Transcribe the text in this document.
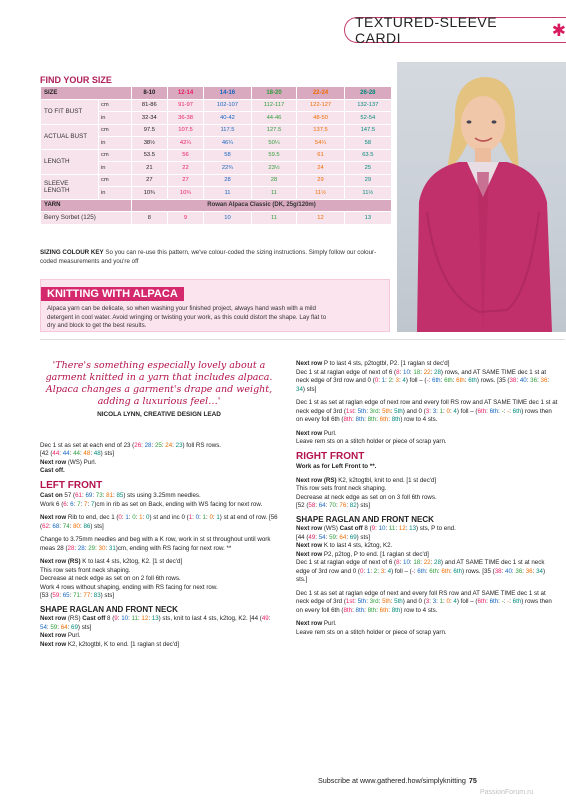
TEXTURED-SLEEVE CARDI	✱
FIND YOUR SIZE
SIZE		8-10	12-14	14-16	18-20	22-24	26-28
TO FIT BUST	cm	81-86	91-97	102-107	112-117	122-127	132-137
	in	32-34	36-38	40-42	44-46	48-50	52-54
ACTUAL BUST	cm	97.5	107.5	117.5	127.5	137.5	147.5
	in	38½	42¼	46¼	50¼	54¼	58
LENGTH	cm	53.5	56	58	59.5	61	63.5
	in	21	22	22¾	23½	24	25
SLEEVE
LENGTH	cm	27	27	28	28	29	29
	in	10¾	10¾	11	11	11½	11½
YARN		Rowan Alpaca Classic (DK, 25g/120m)					
Berry Sorbet (125)		8	9	10	11	12	13
SIZING COLOUR KEY So you can re-use this pattern, we've colour-coded the sizing instructions. Simply follow our colour-coded measurements and you're off
KNITTING WITH ALPACA
Alpaca yarn can be delicate, so when washing your finished project, always hand wash with a mild detergent in cool water. Avoid wringing or twisting your work, as this could distort the shape. Lay flat to dry and block to get the best results.
'There's something especially lovely about a garment knitted in a yarn that includes alpaca. Alpaca changes a garment's drape and weight, adding a luxurious feel…'
NICOLA LYNN, CREATIVE DESIGN LEAD

Dec 1 st as set at each end of 23 (26: 28: 25: 24: 23) foll RS rows.
[42 (44: 44: 44: 48: 48) sts]
Next row (WS) Purl.
Cast off.

LEFT FRONT

Cast on 57 (61: 69: 73: 81: 85) sts using 3.25mm needles.
Work 6 (6: 6: 7: 7: 7)cm in rib as set on Back, ending with WS facing for next row.

Next row Rib to end, dec 1 (0: 1: 0: 1: 0) st and inc 0 (1: 0: 1: 0: 1) st at end of row. [56 (62: 68: 74: 80: 86) sts]

Change to 3.75mm needles and beg with a K row, work in st st throughout until work meas 28 (28: 28: 29: 30: 31)cm, ending with RS facing for next row. **

Next row (RS) K to last 4 sts, k2tog, K2. [1 st dec'd]
This row sets front neck shaping.
Decrease at neck edge as set on on 2 foll 6th rows.
Work 4 rows without shaping, ending with RS facing for next row.
[53 (59: 65: 71: 77: 83) sts]

SHAPE RAGLAN AND FRONT NECK

Next row (RS) Cast off 8 (9: 10: 11: 12: 13) sts, knit to last 4 sts, k2tog, K2. [44 (49: 54: 59: 64: 69) sts]
Next row Purl.
Next row K2, k2togtbl, K to end. [1 raglan st dec'd]

Next row P to last 4 sts, p2togtbl, P2. [1 raglan st dec'd]
Dec 1 st at raglan edge of next of 6 (8: 10: 18: 22: 28) rows, and AT SAME TIME dec 1 st at neck edge of 3rd row and 0 (0: 1: 2: 3: 4) foll – (-: 6th: 6th: 6th: 6th) rows. [35 (38: 40: 36: 36: 34) sts]

Dec 1 st as set at raglan edge of next row and every foll RS row and AT SAME TIME dec 1 st at neck edge of 3rd (1st: 5th: 3rd: 5th: 5th) and 0 (3: 3: 1: 0: 4) foll – (6th: 6th: -: -: 6th) rows then on every foll 6th (8th: 8th: 8th: 6th: 8th) row to 4 sts.

Next row Purl.
Leave rem sts on a stitch holder or piece of scrap yarn.

RIGHT FRONT

Work as for Left Front to **.

Next row (RS) K2, k2togtbl, knit to end. [1 st dec'd]
This row sets front neck shaping.
Decrease at neck edge as set on on 3 foll 6th rows.
[52 (58: 64: 70: 76: 82) sts]

SHAPE RAGLAN AND FRONT NECK

Next row (WS) Cast off 8 (9: 10: 11: 12: 13) sts, P to end.
[44 (49: 54: 59: 64: 69) sts]
Next row K to last 4 sts, k2tog, K2.
Next row P2, p2tog, P to end. [1 raglan st dec'd]
Dec 1 st at raglan edge of next of 6 (8: 10: 18: 22: 28) and AT SAME TIME dec 1 st at neck edge of 3rd row and 0 (0: 1: 2: 3: 4) foll – (-: 6th: 6th: 6th: 6th) rows. [35 (38: 40: 36: 36: 34) sts.]

Dec 1 st as set at raglan edge of next and every foll RS row and AT SAME TIME dec 1 st at neck edge of 3rd (1st: 5th: 3rd: 5th: 5th) and 0 (3: 3: 1: 0: 4) foll – (6th: 6th: -: -: 6th) rows then on every foll 6th (8th: 8th: 8th: 6th: 8th) row to 4 sts.

Next row Purl.
Leave rem sts on a stitch holder or piece of scrap yarn.

Subscribe at www.gathered.how/simplyknitting 75
PassionForum.ru
